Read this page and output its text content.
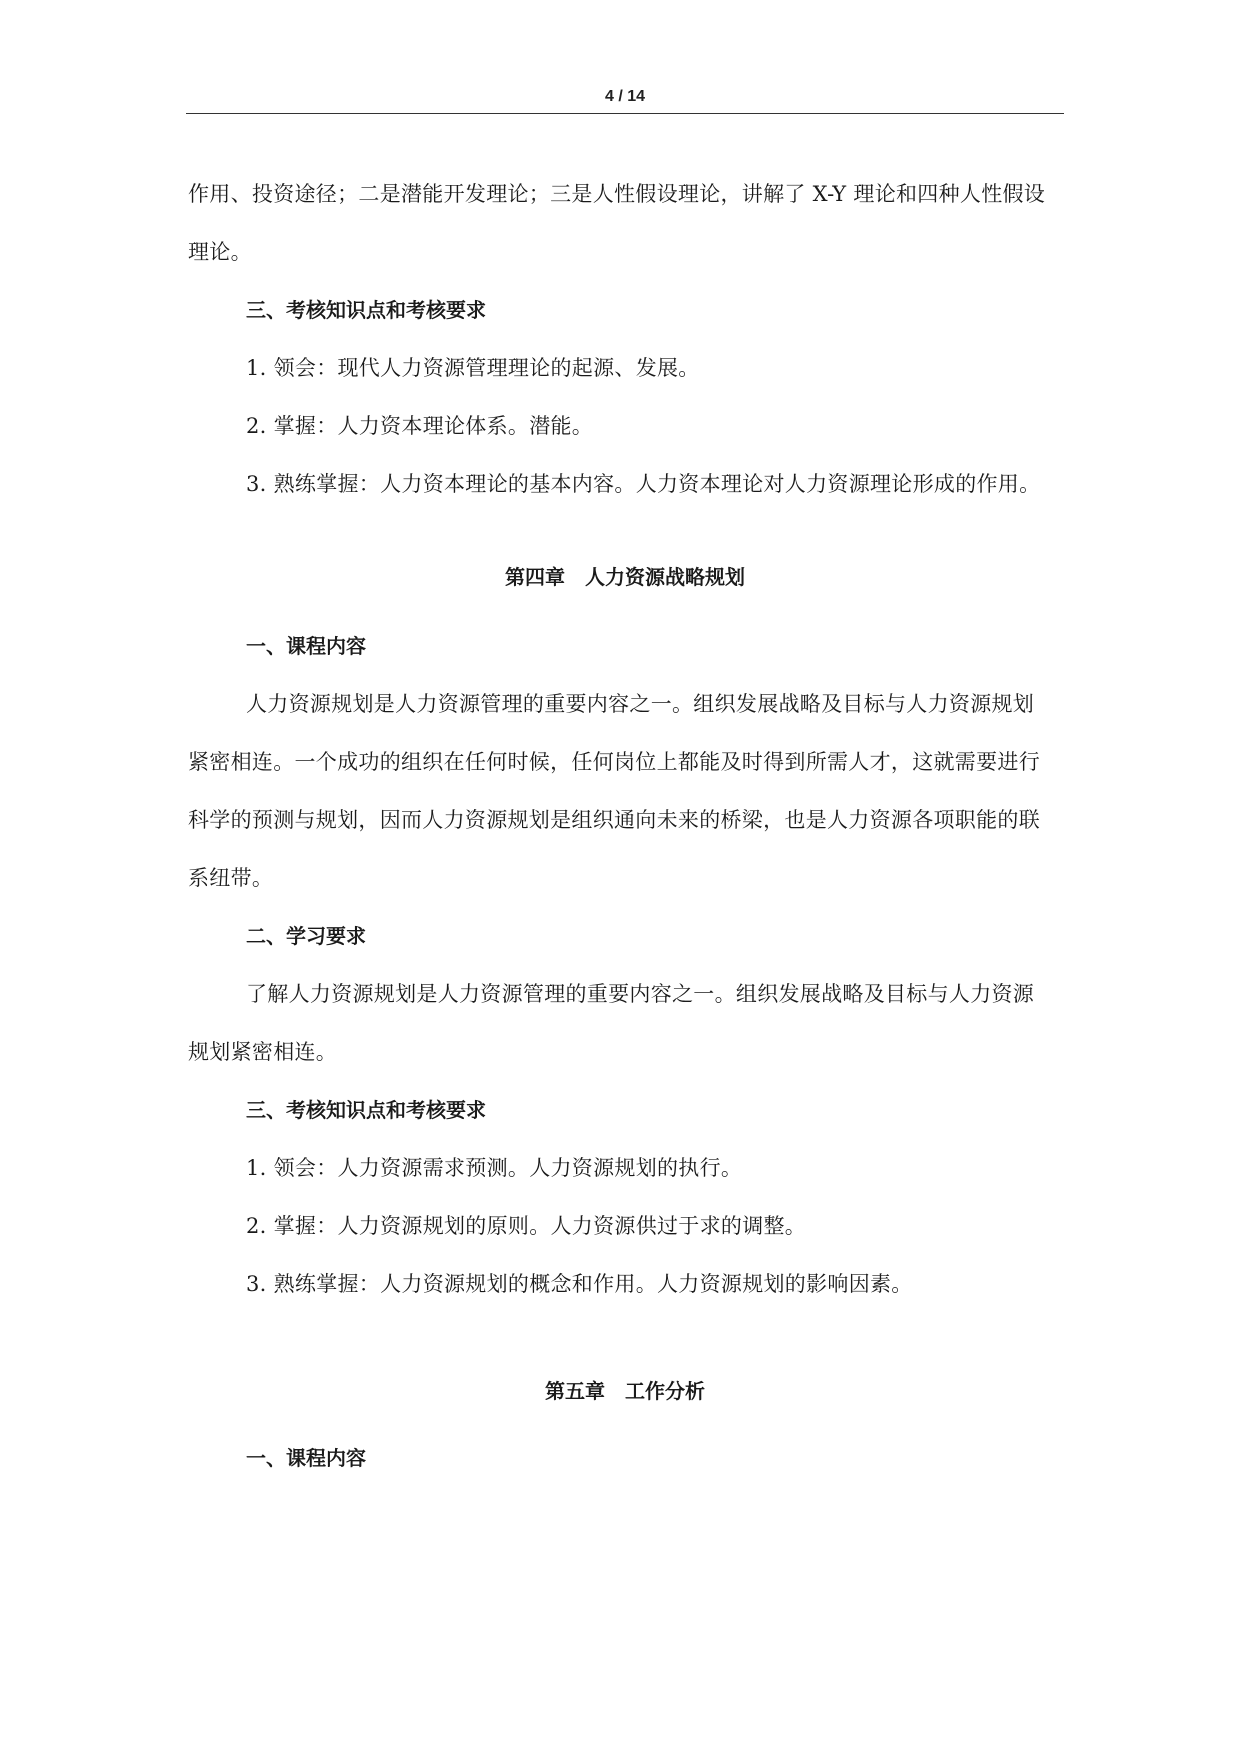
4 / 14
作用、投资途径；二是潜能开发理论；三是人性假设理论，讲解了 X-Y 理论和四种人性假设
理论。
三、考核知识点和考核要求
1. 领会：现代人力资源管理理论的起源、发展。
2. 掌握：人力资本理论体系。潜能。
3. 熟练掌握：人力资本理论的基本内容。人力资本理论对人力资源理论形成的作用。
第四章　人力资源战略规划
一、课程内容
人力资源规划是人力资源管理的重要内容之一。组织发展战略及目标与人力资源规划
紧密相连。一个成功的组织在任何时候，任何岗位上都能及时得到所需人才，这就需要进行
科学的预测与规划，因而人力资源规划是组织通向未来的桥梁，也是人力资源各项职能的联
系纽带。
二、学习要求
了解人力资源规划是人力资源管理的重要内容之一。组织发展战略及目标与人力资源
规划紧密相连。
三、考核知识点和考核要求
1. 领会：人力资源需求预测。人力资源规划的执行。
2. 掌握：人力资源规划的原则。人力资源供过于求的调整。
3. 熟练掌握：人力资源规划的概念和作用。人力资源规划的影响因素。
第五章　工作分析
一、课程内容
